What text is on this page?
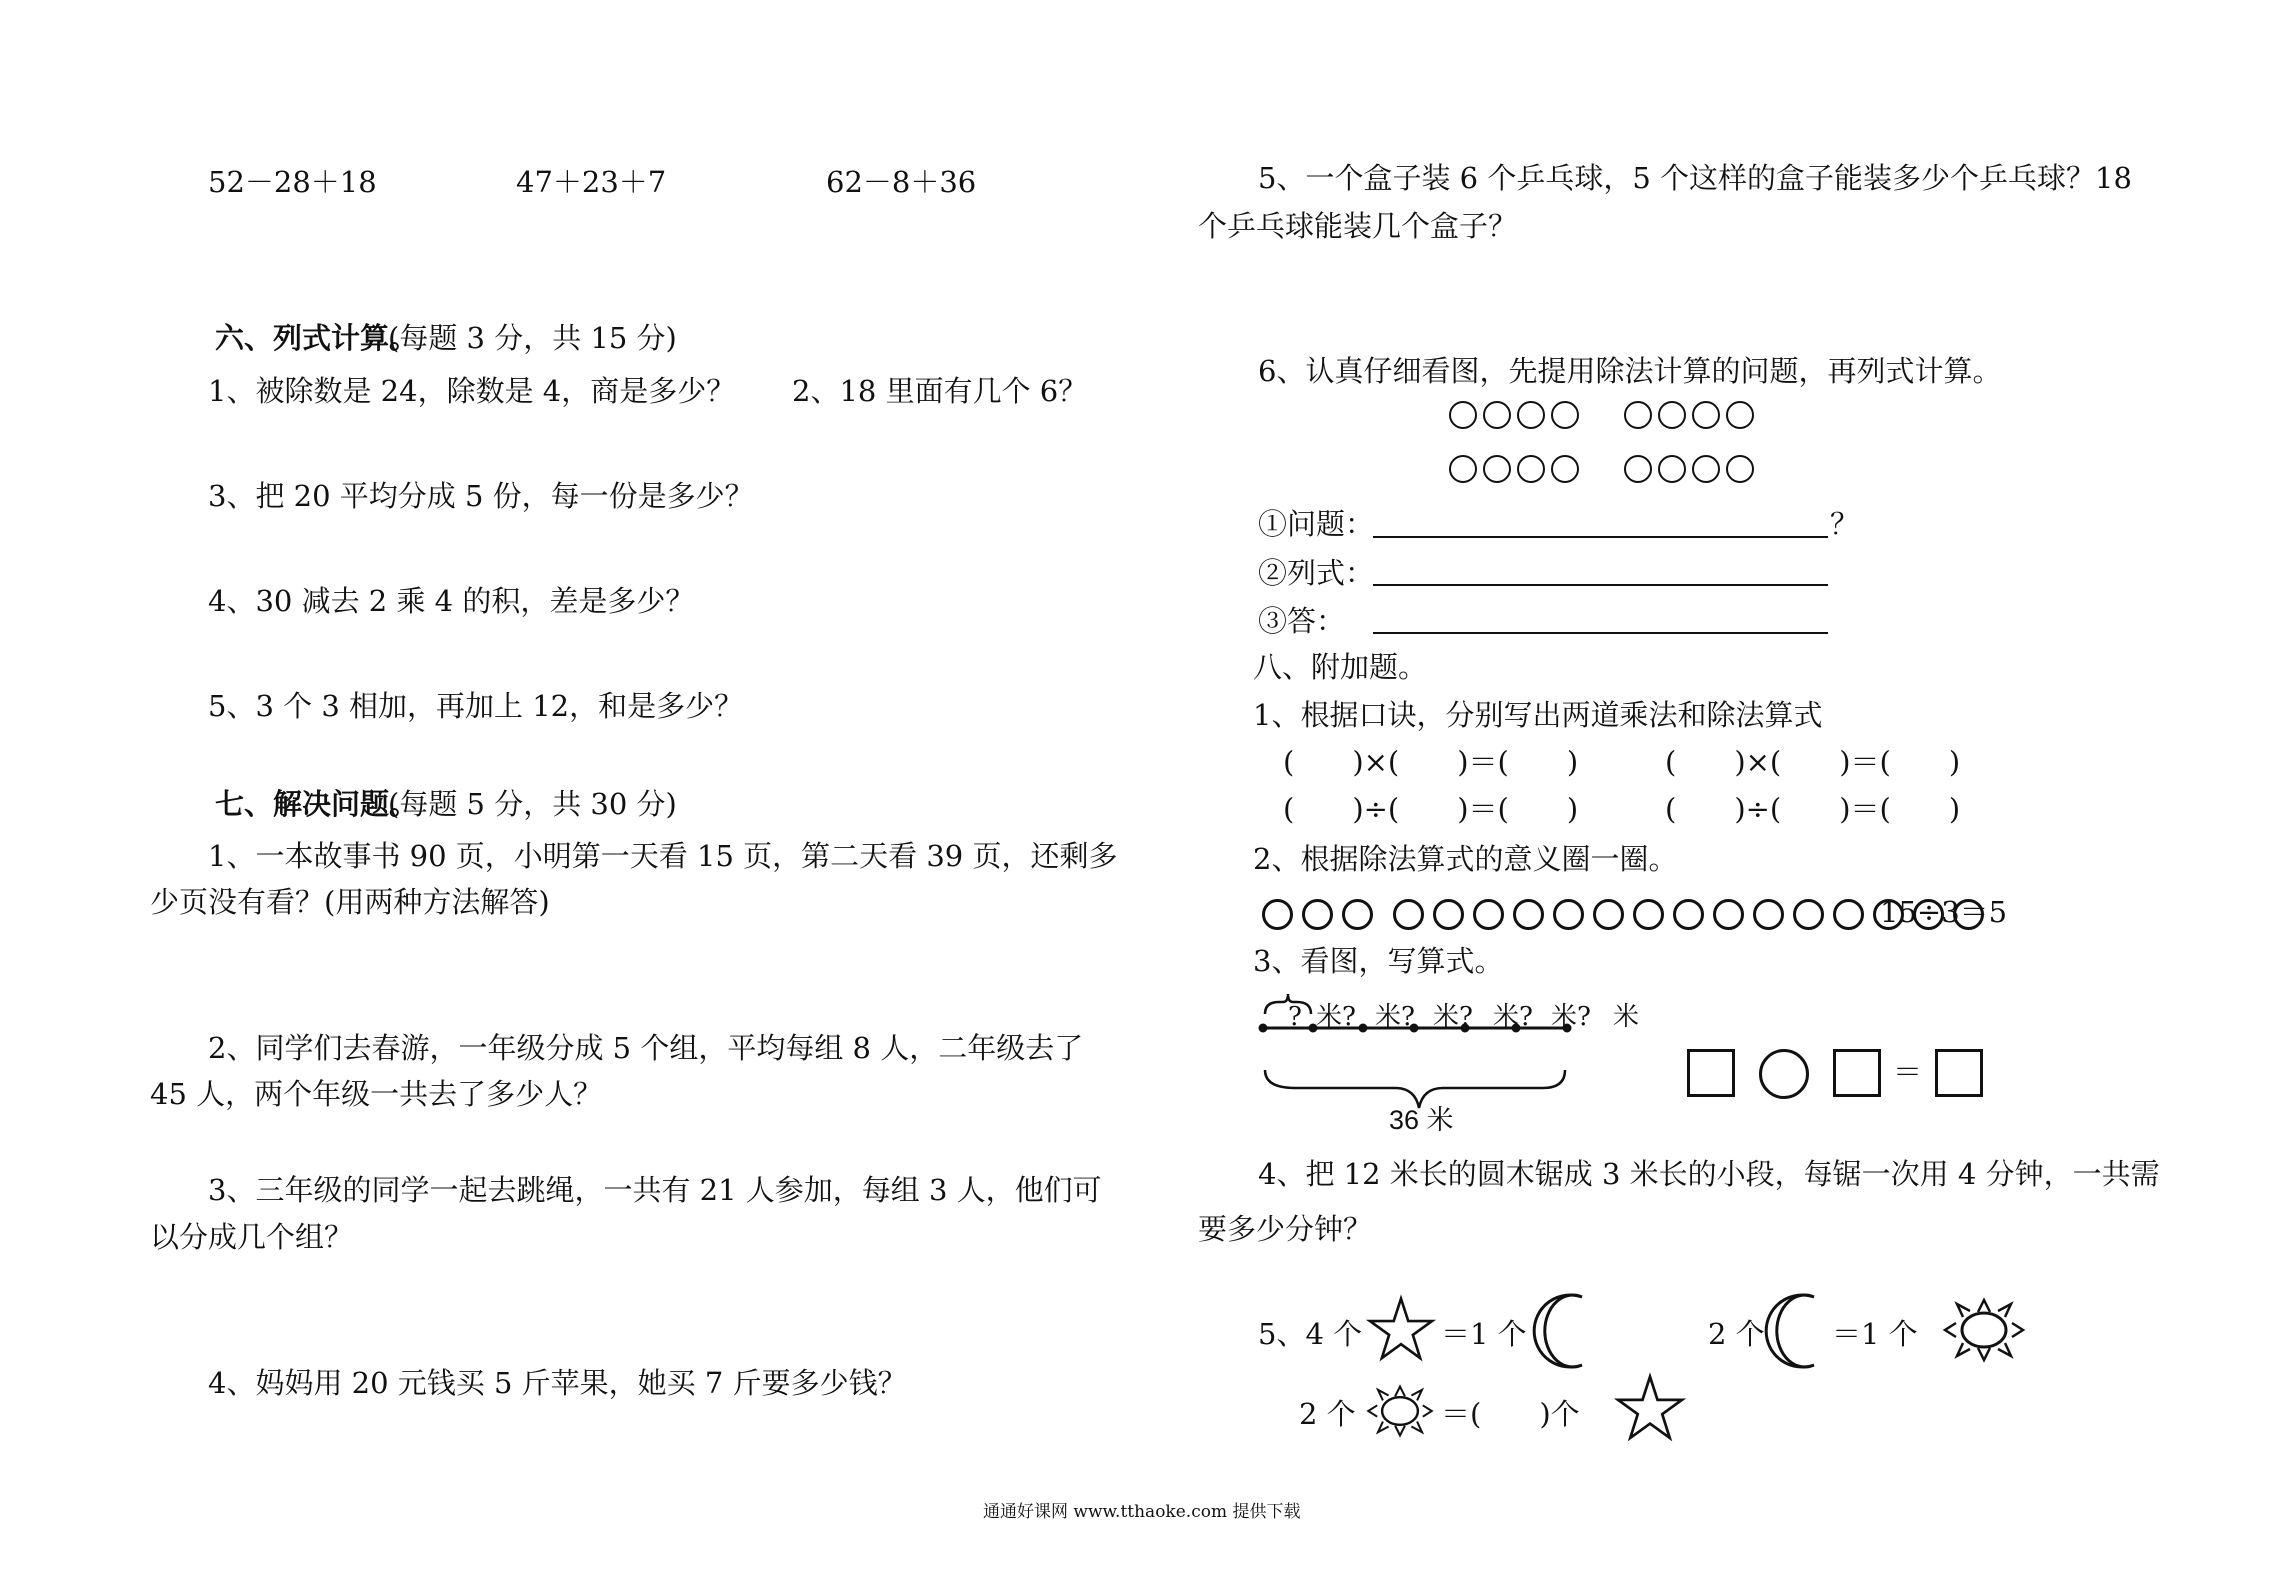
52－28＋18	47＋23＋7	62－8＋36
六、列式计算。
(每题 3 分，共 15 分)
1、被除数是 24，除数是 4，商是多少？ 2、18 里面有几个 6？
3、把 20 平均分成 5 份，每一份是多少？
4、30 减去 2 乘 4 的积，差是多少？
5、3 个 3 相加，再加上 12，和是多少？
七、解决问题。
(每题 5 分，共 30 分)
1、一本故事书 90 页，小明第一天看 15 页，第二天看 39 页，还剩多
少页没有看？(用两种方法解答)
2、同学们去春游，一年级分成 5 个组，平均每组 8 人，二年级去了
45 人，两个年级一共去了多少人？
3、三年级的同学一起去跳绳，一共有 21 人参加，每组 3 人，他们可
以分成几个组？
4、妈妈用 20 元钱买 5 斤苹果，她买 7 斤要多少钱？
5、一个盒子装 6 个乒乓球，5 个这样的盒子能装多少个乒乓球？18
个乒乓球能装几个盒子？
6、认真仔细看图，先提用除法计算的问题，再列式计算。
①问题：	？
②列式：
③答：
八、附加题。
1、根据口诀，分别写出两道乘法和除法算式
(　　)×(　　)＝(　　)	(　　)×(　　)＝(　　)
(　　)÷(　　)＝(　　)	(　　)÷(　　)＝(　　)
2、根据除法算式的意义圈一圈。
15÷3＝5
3、看图，写算式。
? 米? 米? 米? 米? 米? 米
36 米
＝
4、把 12 米长的圆木锯成 3 米长的小段，每锯一次用 4 分钟，一共需
要多少分钟？
5、4 个	＝1 个	2 个 ＝1 个
2 个	＝(　　)个
通通好课网 www.tthaoke.com 提供下载
